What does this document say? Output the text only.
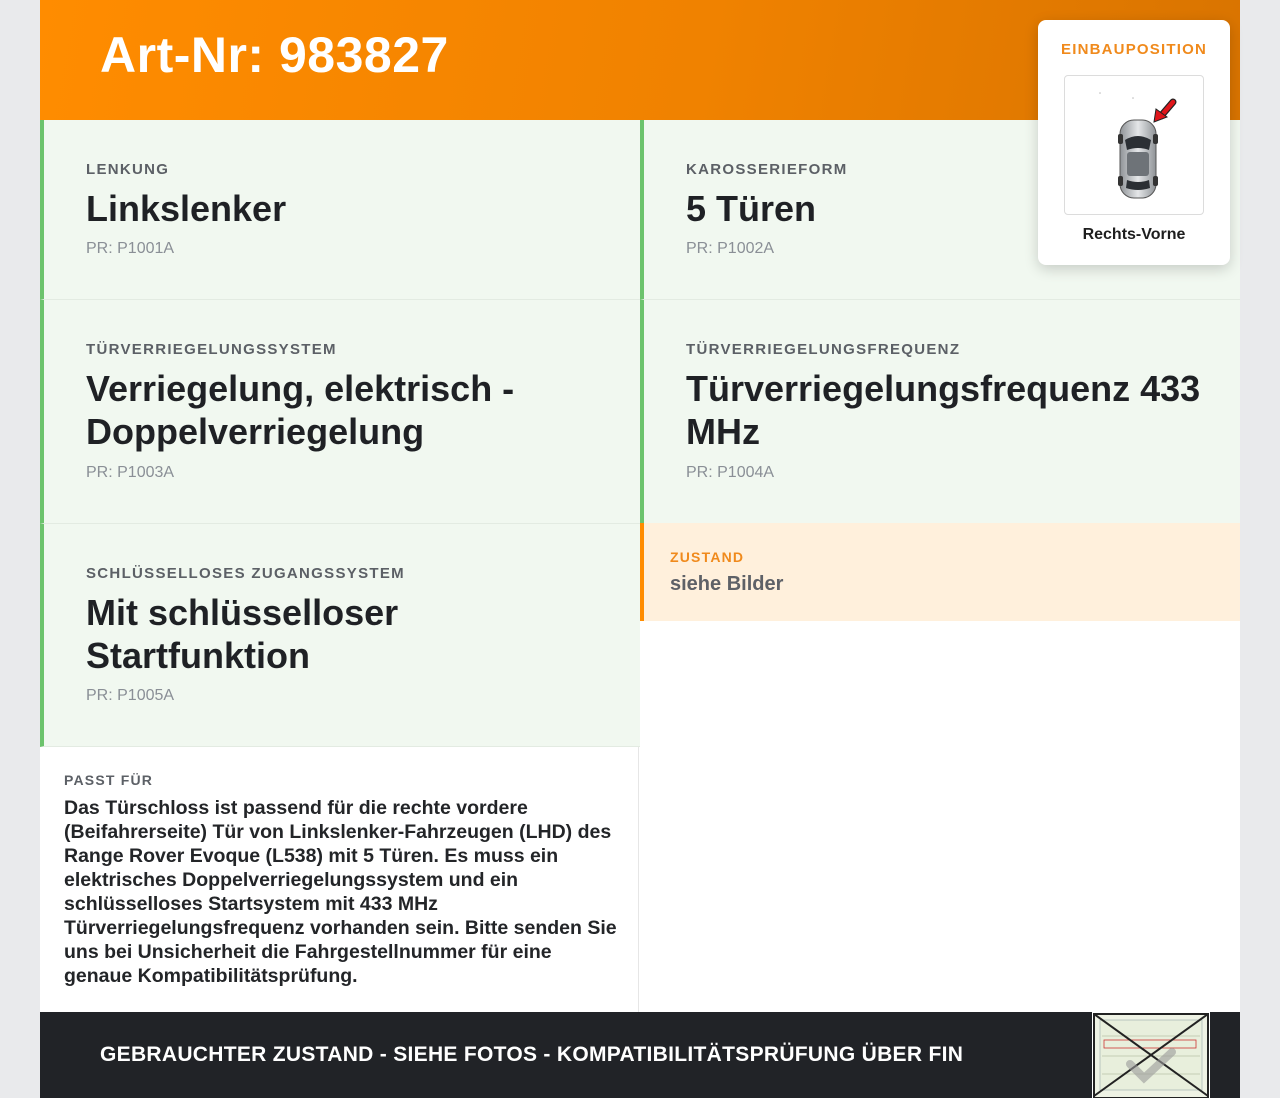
Art-Nr: 983827	EINBAUPOSITION
Rechts-Vorne
LENKUNG
Linkslenker
PR: P1001A
KAROSSERIEFORM
5 Türen
PR: P1002A
TÜRVERRIEGELUNGSSYSTEM
Verriegelung, elektrisch - Doppelverriegelung
PR: P1003A
TÜRVERRIEGELUNGSFREQUENZ
Türverriegelungsfrequenz 433 MHz
PR: P1004A
SCHLÜSSELLOSES ZUGANGSSYSTEM
Mit schlüsselloser Startfunktion
PR: P1005A
ZUSTAND
siehe Bilder
PASST FÜR

Das Türschloss ist passend für die rechte vordere (Beifahrerseite) Tür von Linkslenker-Fahrzeugen (LHD) des Range Rover Evoque (L538) mit 5 Türen. Es muss ein elektrisches Doppelverriegelungssystem und ein schlüsselloses Startsystem mit 433 MHz Türverriegelungsfrequenz vorhanden sein. Bitte senden Sie uns bei Unsicherheit die Fahrgestellnummer für eine genaue Kompatibilitätsprüfung.

GEBRAUCHTER ZUSTAND - SIEHE FOTOS - KOMPATIBILITÄTSPRÜFUNG ÜBER FIN
